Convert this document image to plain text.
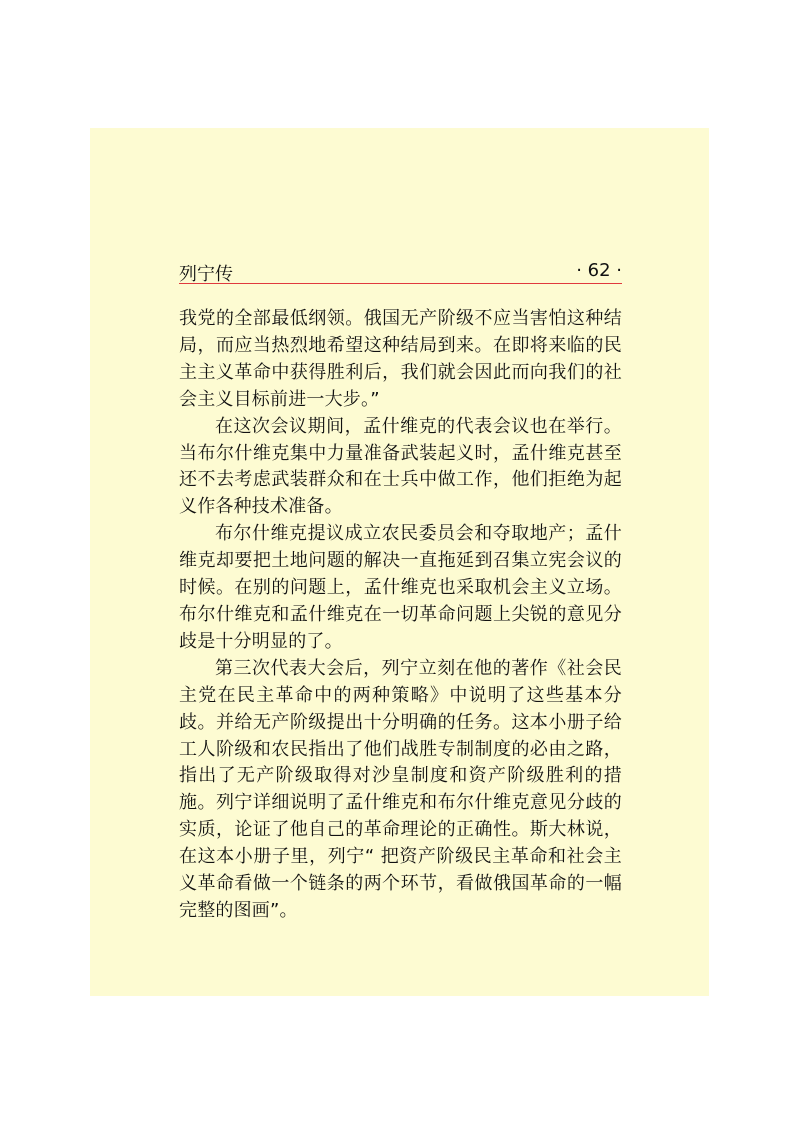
列宁传	· 62 ·

我党的全部最低纲领。俄国无产阶级不应当害怕这种结局，而应当热烈地希望这种结局到来。在即将来临的民主主义革命中获得胜利后，我们就会因此而向我们的社会主义目标前进一大步。”

在这次会议期间，孟什维克的代表会议也在举行。当布尔什维克集中力量准备武装起义时，孟什维克甚至还不去考虑武装群众和在士兵中做工作，他们拒绝为起义作各种技术准备。

布尔什维克提议成立农民委员会和夺取地产；孟什维克却要把土地问题的解决一直拖延到召集立宪会议的时候。在别的问题上，孟什维克也采取机会主义立场。布尔什维克和孟什维克在一切革命问题上尖锐的意见分歧是十分明显的了。

第三次代表大会后，列宁立刻在他的著作《社会民主党在民主革命中的两种策略》中说明了这些基本分歧。并给无产阶级提出十分明确的任务。这本小册子给工人阶级和农民指出了他们战胜专制制度的必由之路，指出了无产阶级取得对沙皇制度和资产阶级胜利的措施。列宁详细说明了孟什维克和布尔什维克意见分歧的实质，论证了他自己的革命理论的正确性。斯大林说，在这本小册子里，列宁“ 把资产阶级民主革命和社会主义革命看做一个链条的两个环节，看做俄国革命的一幅完整的图画”。
